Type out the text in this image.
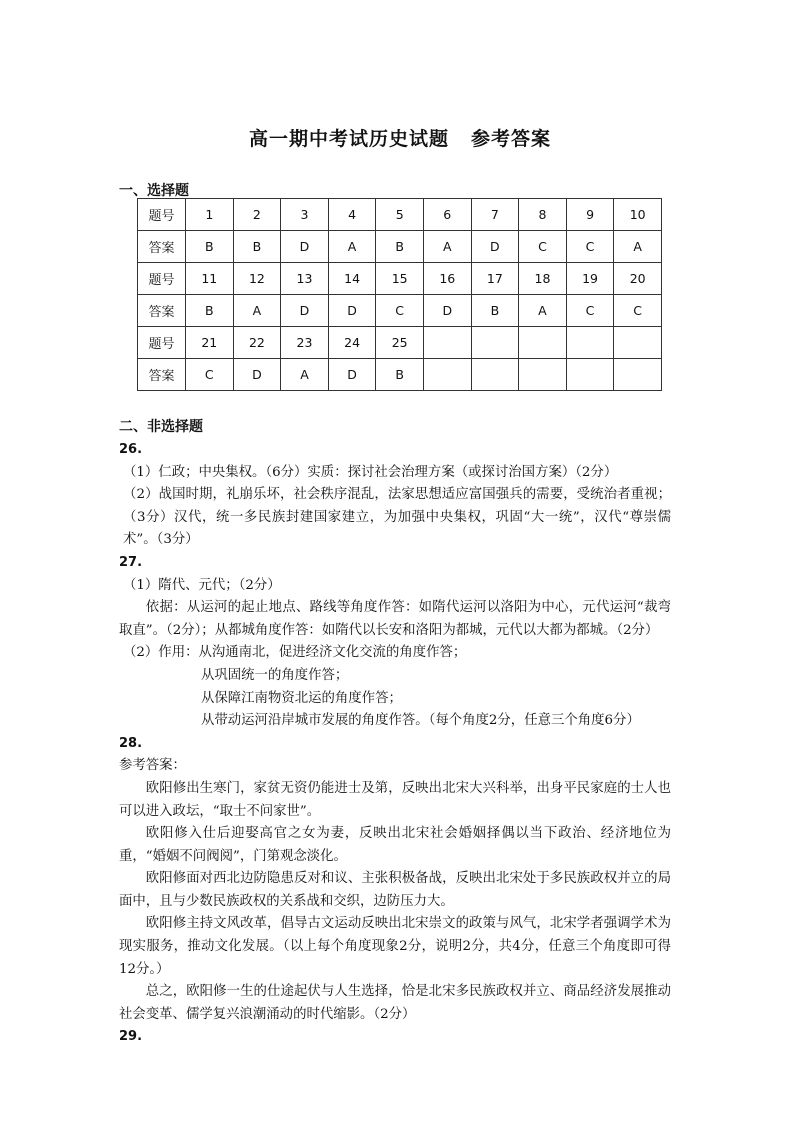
高一期中考试历史试题 参考答案
一、选择题
题号	1	2	3	4	5	6	7	8	9	10
答案	B	B	D	A	B	A	D	C	C	A
题号	11	12	13	14	15	16	17	18	19	20
答案	B	A	D	D	C	D	B	A	C	C
题号	21	22	23	24	25					
答案	C	D	A	D	B					
二、非选择题

26.

（1）仁政；中央集权。（6分）实质：探讨社会治理方案（或探讨治国方案）（2分）

（2）战国时期，礼崩乐坏，社会秩序混乱，法家思想适应富国强兵的需要，受统治者重视；（3分）汉代，统一多民族封建国家建立，为加强中央集权，巩固“大一统”，汉代“尊崇儒术”。（3分）

27.

（1）隋代、元代；（2分）

依据：从运河的起止地点、路线等角度作答：如隋代运河以洛阳为中心，元代运河“裁弯取直”。（2分）；从都城角度作答：如隋代以长安和洛阳为都城，元代以大都为都城。（2分）

（2）作用：从沟通南北，促进经济文化交流的角度作答；

从巩固统一的角度作答；

从保障江南物资北运的角度作答；

从带动运河沿岸城市发展的角度作答。（每个角度2分，任意三个角度6分）

28.

参考答案：

欧阳修出生寒门，家贫无资仍能进士及第，反映出北宋大兴科举，出身平民家庭的士人也可以进入政坛，“取士不问家世”。

欧阳修入仕后迎娶高官之女为妻，反映出北宋社会婚姻择偶以当下政治、经济地位为重，“婚姻不问阀阅”，门第观念淡化。

欧阳修面对西北边防隐患反对和议、主张积极备战，反映出北宋处于多民族政权并立的局面中，且与少数民族政权的关系战和交织，边防压力大。

欧阳修主持文风改革，倡导古文运动反映出北宋崇文的政策与风气，北宋学者强调学术为现实服务，推动文化发展。（以上每个角度现象2分，说明2分，共4分，任意三个角度即可得12分。）

总之，欧阳修一生的仕途起伏与人生选择，恰是北宋多民族政权并立、商品经济发展推动社会变革、儒学复兴浪潮涌动的时代缩影。（2分）

29.
